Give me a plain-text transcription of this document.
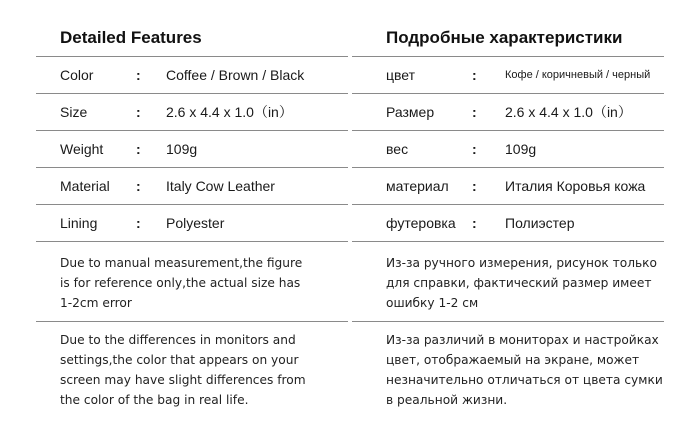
Detailed Features
Color	: Coffee / Brown / Black
Size	: 2.6 x 4.4 x 1.0（in）
Weight : 109g
Material : Italy Cow Leather
Lining	: Polyester
Due to manual measurement,the figure
is for reference only,the actual size has
1-2cm error
Due to the differences in monitors and
settings,the color that appears on your
screen may have slight differences from
the color of the bag in real life.
Подробные характеристики
цвет	:	Кофе / коричневый / черный
Размер	: 2.6 x 4.4 x 1.0（in）
вес	: 109g
материал : Италия Коровья кожа
футеровка : Полиэстер
Из-за ручного измерения, рисунок только
для справки, фактический размер имеет
ошибку 1-2 см
Из-за различий в мониторах и настройках
цвет, отображаемый на экране, может
незначительно отличаться от цвета сумки
в реальной жизни.
